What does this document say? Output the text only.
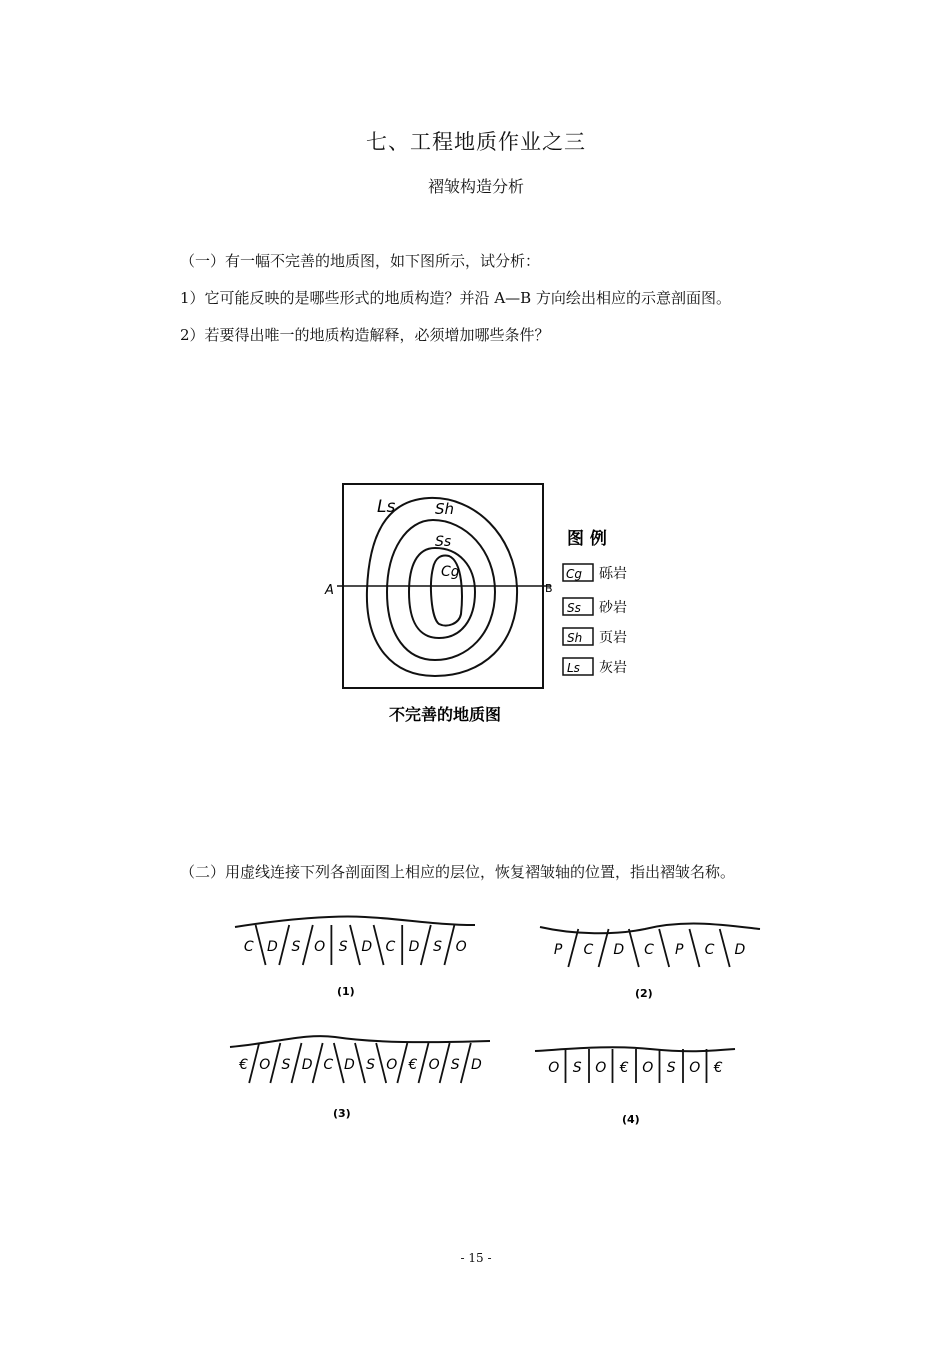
七、工程地质作业之三
褶皱构造分析
（一）有一幅不完善的地质图，如下图所示，试分析：
1）它可能反映的是哪些形式的地质构造？并沿 A—B 方向绘出相应的示意剖面图。
2）若要得出唯一的地质构造解释，必须增加哪些条件？
A	B
Ls	Sh
Ss
Cg
图 例
Cg 砾岩
Ss 砂岩
Sh 页岩
Ls 灰岩
不完善的地质图
（二）用虚线连接下列各剖面图上相应的层位，恢复褶皱轴的位置，指出褶皱名称。
C D S O S D C D S O
(1)
P C D C P C D
(2)
€ O S D C D S O € O S D
(3)
O S O € O S O €
(4)
- 15 -
